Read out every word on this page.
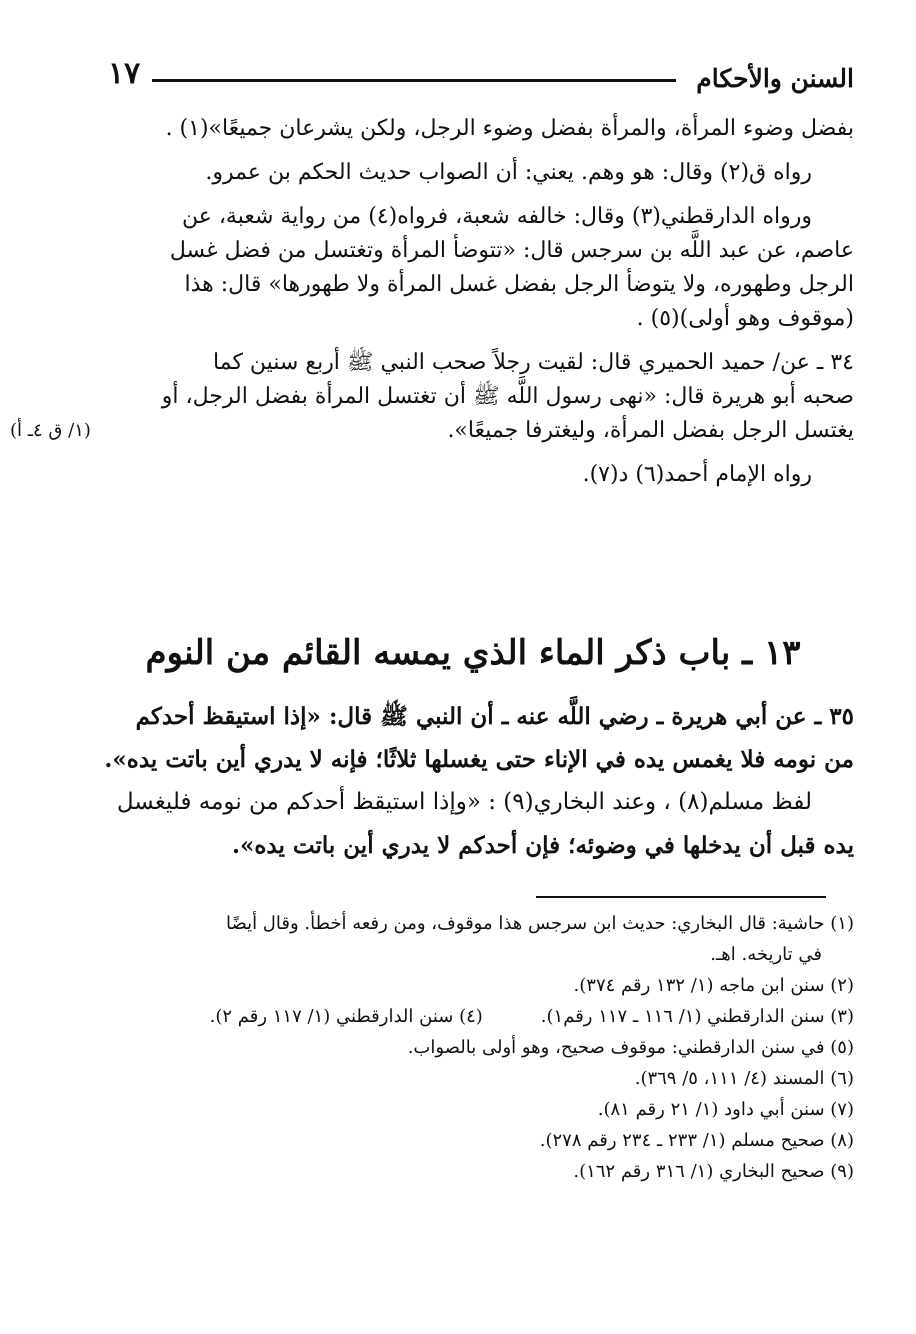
السنن والأحكام
١٧
(١/ ق ٤ـ أ)

بفضل وضوء المرأة، والمرأة بفضل وضوء الرجل، ولكن يشرعان جميعًا»(١) .

رواه ق(٢) وقال: هو وهم. يعني: أن الصواب حديث الحكم بن عمرو.

ورواه الدارقطني(٣) وقال: خالفه شعبة، فرواه(٤) من رواية شعبة، عن

عاصم، عن عبد اللَّه بن سرجس قال: «تتوضأ المرأة وتغتسل من فضل غسل

الرجل وطهوره، ولا يتوضأ الرجل بفضل غسل المرأة ولا طهورها» قال: هذا

(موقوف وهو أولى)(٥) .

٣٤ ـ عن/ حميد الحميري قال: لقيت رجلاً صحب النبي ﷺ أربع سنين كما

صحبه أبو هريرة قال: «نهى رسول اللَّه ﷺ أن تغتسل المرأة بفضل الرجل، أو

يغتسل الرجل بفضل المرأة، وليغترفا جميعًا».

رواه الإمام أحمد(٦) د(٧).

١٣ ـ باب ذكر الماء الذي يمسه القائم من النوم

٣٥ ـ عن أبي هريرة ـ رضي اللَّه عنه ـ أن النبي ﷺ قال: «إذا استيقظ أحدكم

من نومه فلا يغمس يده في الإناء حتى يغسلها ثلاثًا؛ فإنه لا يدري أين باتت يده».

لفظ مسلم(٨) ، وعند البخاري(٩) : «وإذا استيقظ أحدكم من نومه فليغسل

يده قبل أن يدخلها في وضوئه؛ فإن أحدكم لا يدري أين باتت يده».

(١) حاشية: قال البخاري: حديث ابن سرجس هذا موقوف، ومن رفعه أخطأ. وقال أيضًا

في تاريخه. اهـ.

(٢) سنن ابن ماجه (١/ ١٣٢ رقم ٣٧٤).

(٣) سنن الدارقطني (١/ ١١٦ ـ ١١٧ رقم١).

(٤) سنن الدارقطني (١/ ١١٧ رقم ٢).

(٥) في سنن الدارقطني: موقوف صحيح، وهو أولى بالصواب.

(٦) المسند (٤/ ١١١، ٥/ ٣٦٩).

(٧) سنن أبي داود (١/ ٢١ رقم ٨١).

(٨) صحيح مسلم (١/ ٢٣٣ ـ ٢٣٤ رقم ٢٧٨).

(٩) صحيح البخاري (١/ ٣١٦ رقم ١٦٢).
